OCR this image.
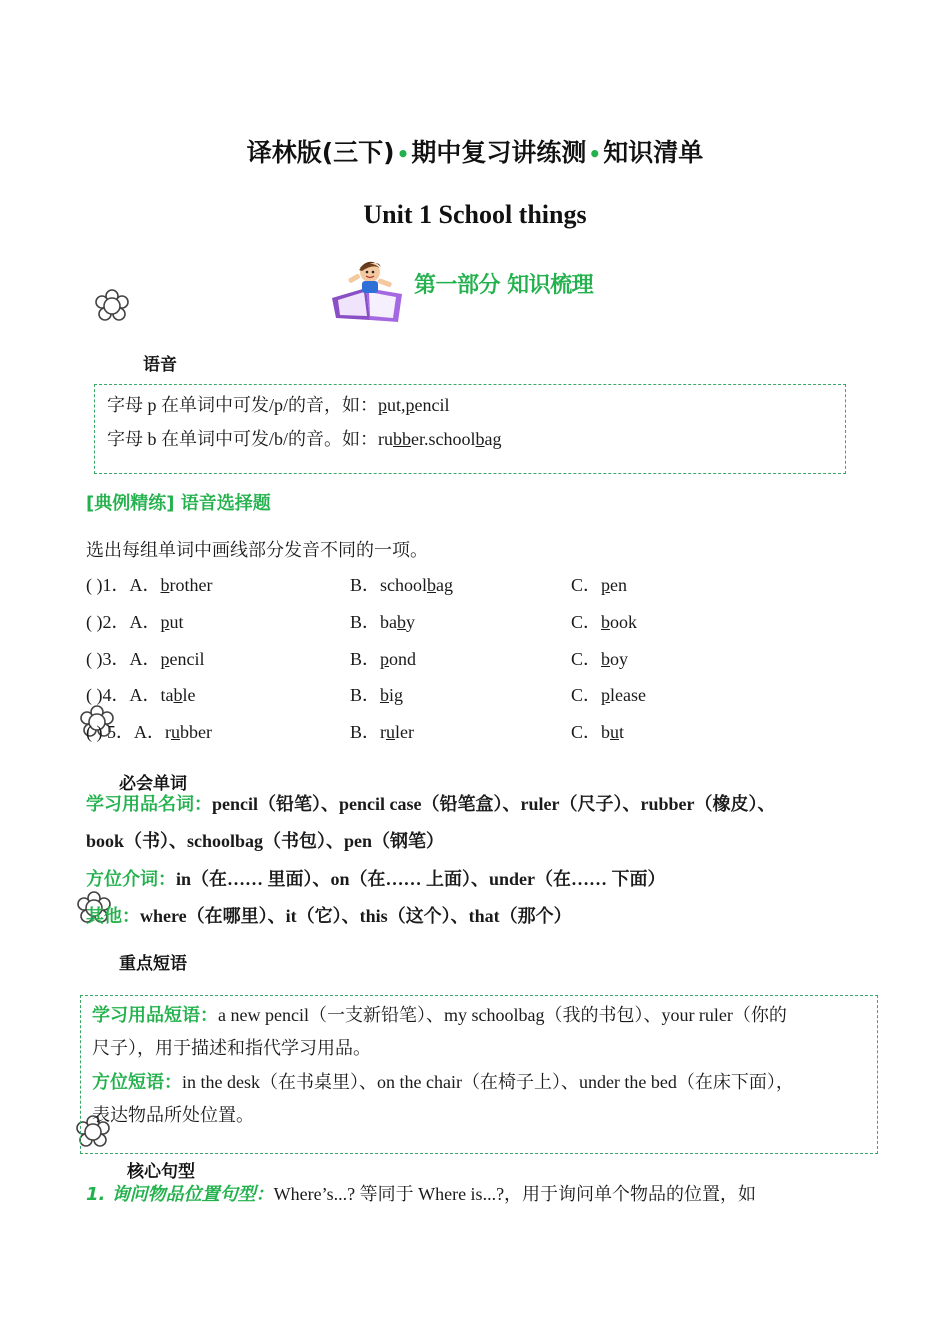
译林版(三下) •期中复习讲练测 •知识清单
Unit 1 School things
第一部分 知识梳理
语音
字母 p 在单词中可发/p/的音，如：put,pencil
字母 b 在单词中可发/b/的音。如：rubber.schoolbag
[典例精练] 语音选择题
选出每组单词中画线部分发音不同的一项。
( )1．A．brother	B．schoolbag	C．pen
( )2．A．put	B．baby	C．book
( )3．A．pencil	B．pond	C．boy
( )4．A．table	B．big	C．please
( ) 5．A．rubber	B．ruler	C．but
必会单词
学习用品名词：pencil（铅笔）、pencil case（铅笔盒）、ruler（尺子）、rubber（橡皮）、
book（书）、schoolbag（书包）、pen（钢笔）
方位介词：in（在…… 里面）、on（在…… 上面）、under（在…… 下面）
其他：where（在哪里）、it（它）、this（这个）、that（那个）
重点短语
学习用品短语：a new pencil（一支新铅笔）、my schoolbag（我的书包）、your ruler（你的
尺子），用于描述和指代学习用品。
方位短语：in the desk（在书桌里）、on the chair（在椅子上）、under the bed（在床下面），
表达物品所处位置。
核心句型
1. 询问物品位置句型：Where’s...? 等同于 Where is...?，用于询问单个物品的位置，如
